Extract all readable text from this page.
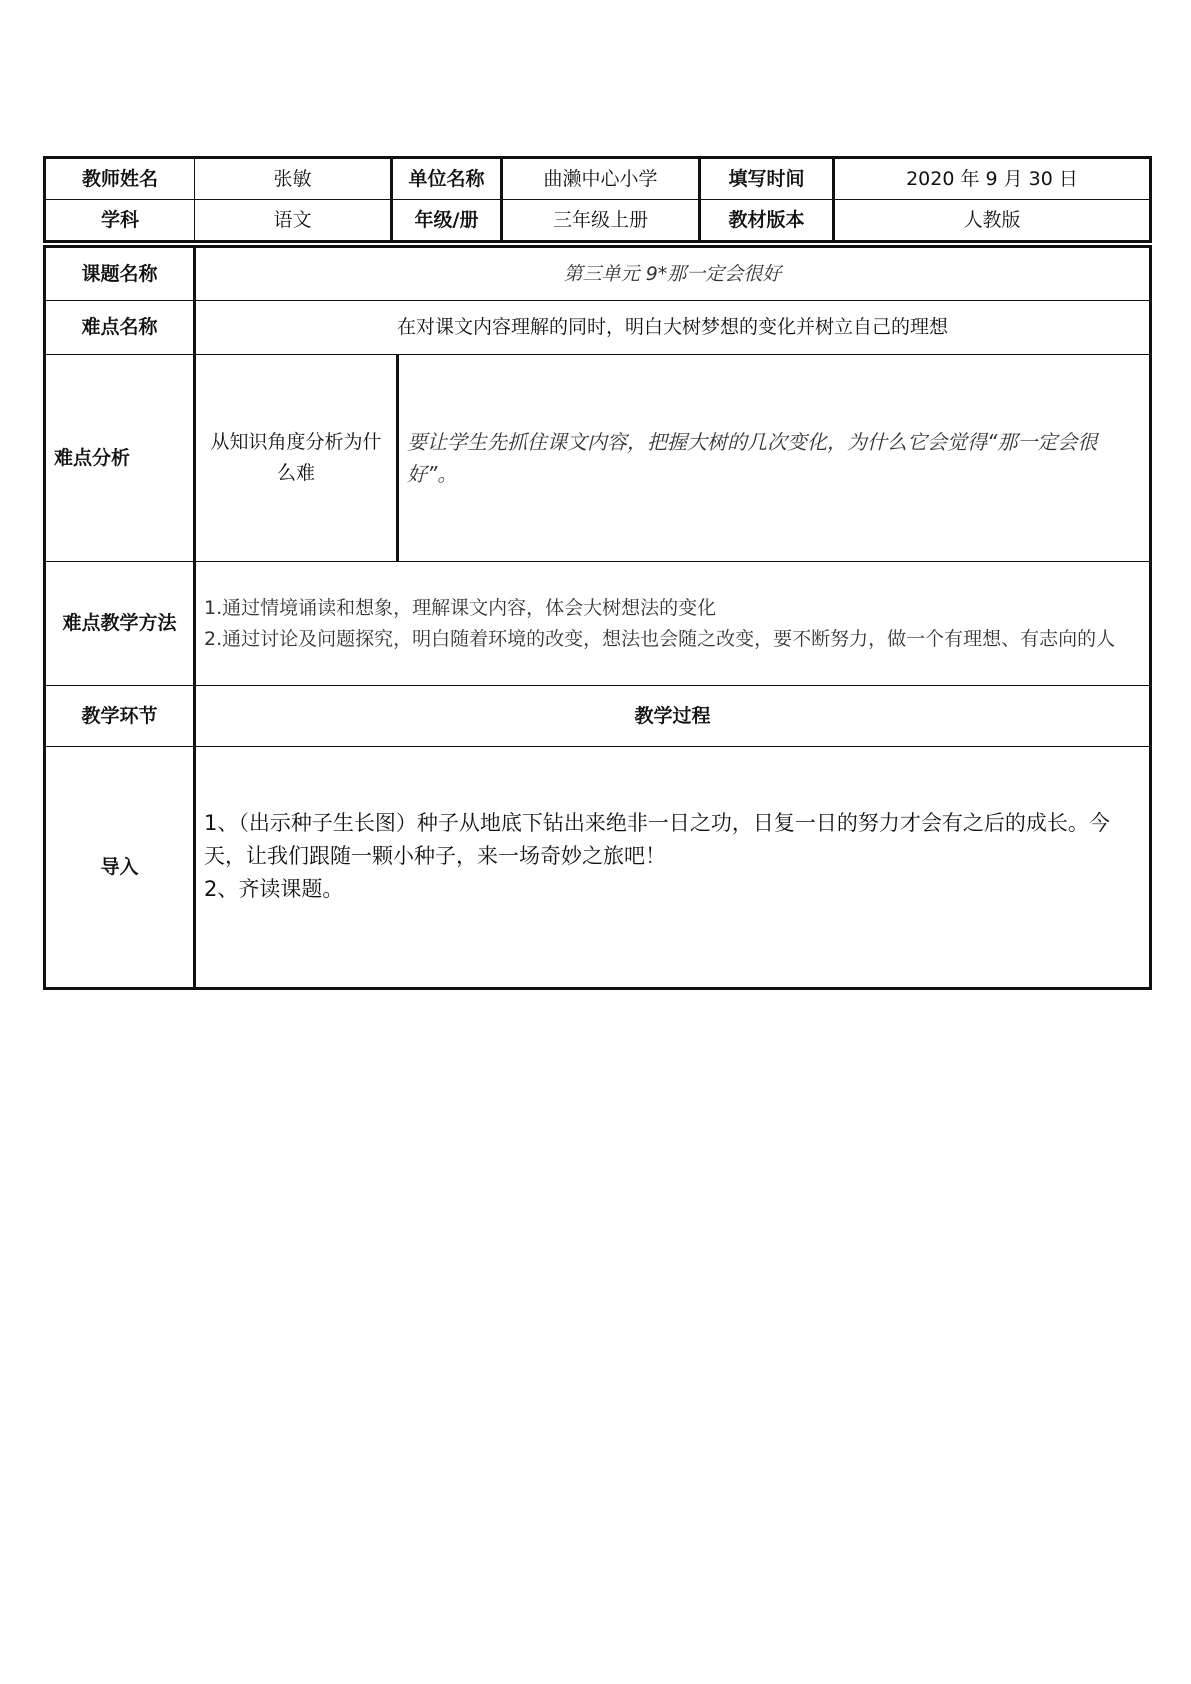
教师姓名	张敏	单位名称	曲濑中心小学	填写时间	2020 年 9 月 30 日
学科	语文	年级/册	三年级上册	教材版本	人教版
课题名称	第三单元 9*那一定会很好	
难点名称	在对课文内容理解的同时，明白大树梦想的变化并树立自己的理想	
难点分析	从知识角度分析为什么难	要让学生先抓住课文内容，把握大树的几次变化，为什么它会觉得“那一定会很好”。
难点教学方法	1.通过情境诵读和想象，理解课文内容，体会大树想法的变化
2.通过讨论及问题探究，明白随着环境的改变，想法也会随之改变，要不断努力，做一个有理想、有志向的人	

教学环节	教学过程	
导入	1、（出示种子生长图）种子从地底下钻出来绝非一日之功，日复一日的努力才会有之后的成长。今天，让我们跟随一颗小种子，来一场奇妙之旅吧！
2、齐读课题。	
